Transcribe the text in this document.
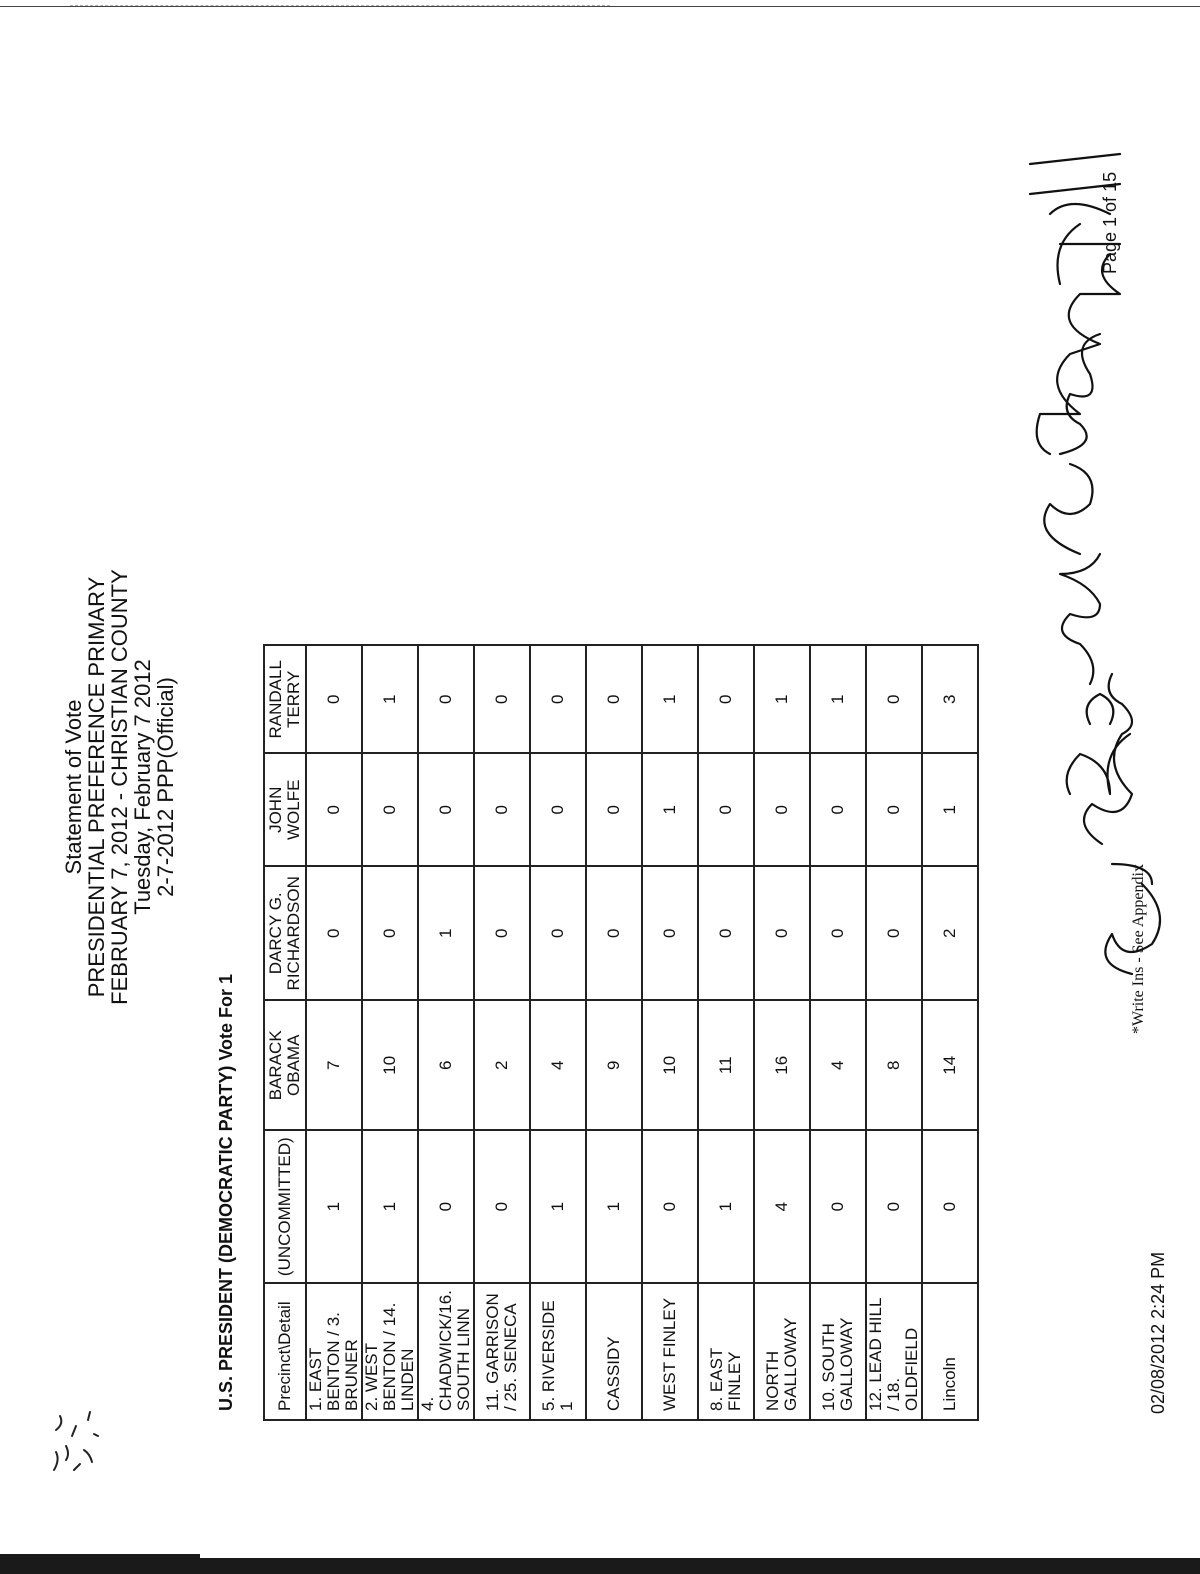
Statement of Vote
PRESIDENTIAL PREFERENCE PRIMARY
FEBRUARY 7, 2012 - CHRISTIAN COUNTY
Tuesday, February 7 2012
2-7-2012 PPP(Official)
U.S. PRESIDENT (DEMOCRATIC PARTY) Vote For 1 Precinct\Detail	(UNCOMMITTED)	BARACK OBAMA	DARCY G. RICHARDSON	JOHN WOLFE	RANDALL TERRY
1. EAST BENTON / 3. BRUNER	1	7	0	0	0
2. WEST BENTON / 14. LINDEN	1	10	0	0	1
4. CHADWICK/16. SOUTH LINN	0	6	1	0	0
11. GARRISON / 25. SENECA	0	2	0	0	0
5. RIVERSIDE 1	1	4	0	0	0
CASSIDY	1	9	0	0	0
WEST FINLEY	0	10	0	1	1
8. EAST FINLEY	1	11	0	0	0
NORTH GALLOWAY	4	16	0	0	1
10. SOUTH GALLOWAY	0	4	0	0	1
12. LEAD HILL / 18. OLDFIELD	0	8	0	0	0
Lincoln	0	14	2	1	3
02/08/2012 2:24 PM
*Write Ins - See Appendix
Page 1 of 15
